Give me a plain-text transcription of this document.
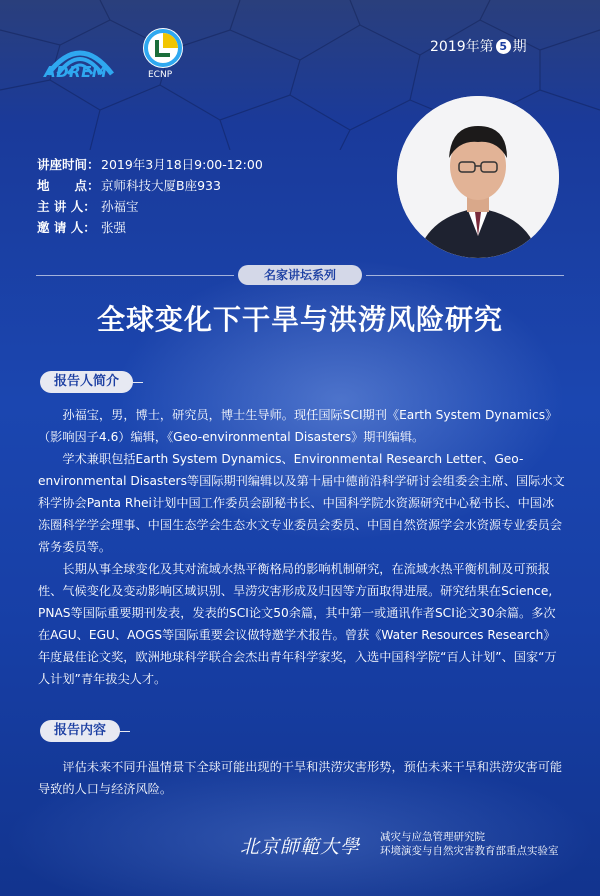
ADREM	ECNP
2019年第 5 期
讲座时间： 2019年3月18日9:00-12:00
地　　点： 京师科技大厦B座933
主 讲 人： 孙福宝
邀 请 人： 张强
名家讲坛系列
全球变化下干旱与洪涝风险研究
报告人简介

孙福宝，男，博士，研究员，博士生导师。现任国际SCI期刊《Earth System Dynamics》（影响因子4.6）编辑，《Geo-environmental Disasters》期刊编辑。

学术兼职包括Earth System Dynamics、Environmental Research Letter、Geo-environmental Disasters等国际期刊编辑以及第十届中德前沿科学研讨会组委会主席、国际水文科学协会Panta Rhei计划中国工作委员会副秘书长、中国科学院水资源研究中心秘书长、中国冰冻圈科学学会理事、中国生态学会生态水文专业委员会委员、中国自然资源学会水资源专业委员会常务委员等。

长期从事全球变化及其对流域水热平衡格局的影响机制研究，在流域水热平衡机制及可预报性、气候变化及变动影响区域识别、旱涝灾害形成及归因等方面取得进展。研究结果在Science, PNAS等国际重要期刊发表，发表的SCI论文50余篇，其中第一或通讯作者SCI论文30余篇。多次在AGU、EGU、AOGS等国际重要会议做特邀学术报告。曾获《Water Resources Research》年度最佳论文奖，欧洲地球科学联合会杰出青年科学家奖，入选中国科学院“百人计划”、国家“万人计划”青年拔尖人才。

报告内容

评估未来不同升温情景下全球可能出现的干旱和洪涝灾害形势，预估未来干旱和洪涝灾害可能导致的人口与经济风险。

北京師範大學 减灾与应急管理研究院
环境演变与自然灾害教育部重点实验室
